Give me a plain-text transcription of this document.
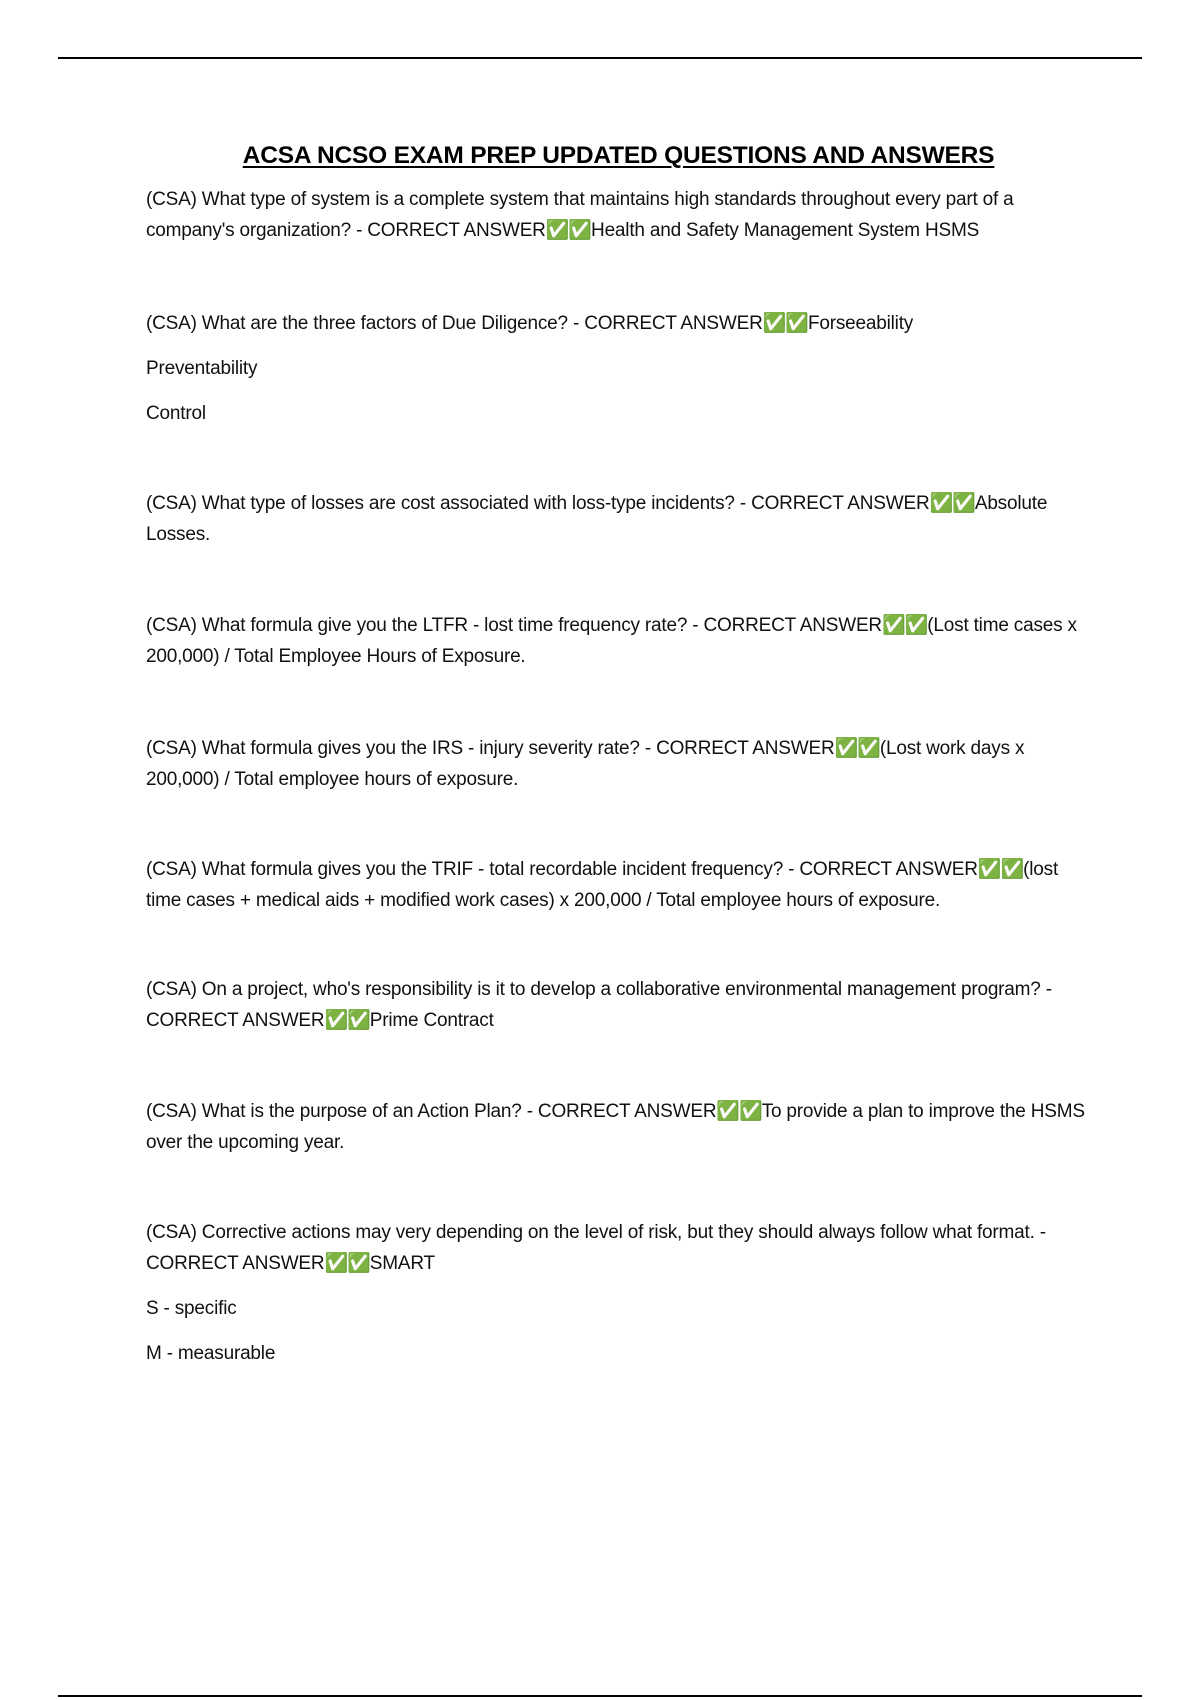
ACSA NCSO EXAM PREP UPDATED QUESTIONS AND ANSWERS

(CSA) What type of system is a complete system that maintains high standards throughout every part of a company's organization? - CORRECT ANSWER✅✅Health and Safety Management System HSMS

(CSA) What are the three factors of Due Diligence? - CORRECT ANSWER✅✅Forseeability

Preventability

Control

(CSA) What type of losses are cost associated with loss-type incidents? - CORRECT ANSWER✅✅Absolute Losses.

(CSA) What formula give you the LTFR - lost time frequency rate? - CORRECT ANSWER✅✅(Lost time cases x 200,000) / Total Employee Hours of Exposure.

(CSA) What formula gives you the IRS - injury severity rate? - CORRECT ANSWER✅✅(Lost work days x 200,000) / Total employee hours of exposure.

(CSA) What formula gives you the TRIF - total recordable incident frequency? - CORRECT ANSWER✅✅(lost time cases + medical aids + modified work cases) x 200,000 / Total employee hours of exposure.

(CSA) On a project, who's responsibility is it to develop a collaborative environmental management program? - CORRECT ANSWER✅✅Prime Contract

(CSA) What is the purpose of an Action Plan? - CORRECT ANSWER✅✅To provide a plan to improve the HSMS over the upcoming year.

(CSA) Corrective actions may very depending on the level of risk, but they should always follow what format. - CORRECT ANSWER✅✅SMART

S - specific

M - measurable
